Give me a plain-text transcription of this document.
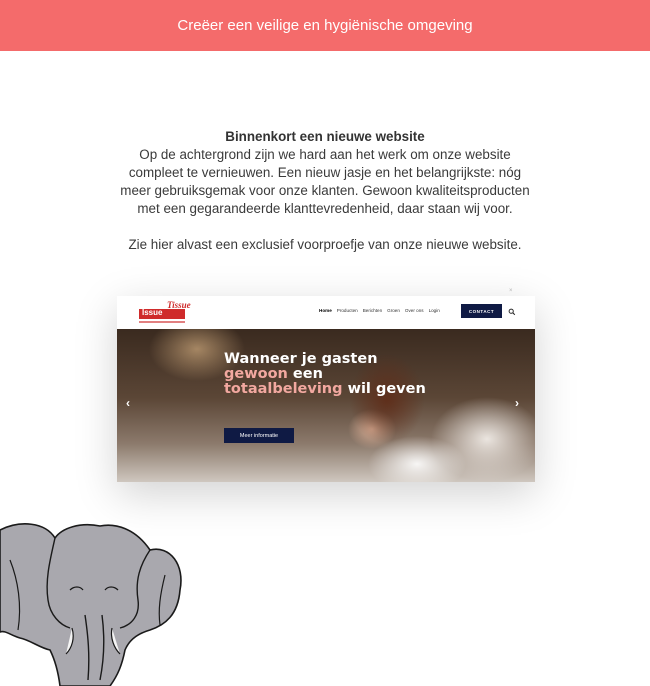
Creëer een veilige en hygiënische omgeving

Binnenkort een nieuwe website

Op de achtergrond zijn we hard aan het werk om onze website

compleet te vernieuwen. Een nieuw jasje en het belangrijkste: nóg

meer gebruiksgemak voor onze klanten. Gewoon kwaliteitsproducten

met een gegarandeerde klanttevredenheid, daar staan wij voor.

Zie hier alvast een exclusief voorproefje van onze nieuwe website.

×
Issue
Tissue
Home Producten Berichten Groen Over ons Login	CONTACT
Wanneer je gasten
gewoon een
totaalbeleving wil geven
Meer informatie
‹	›
